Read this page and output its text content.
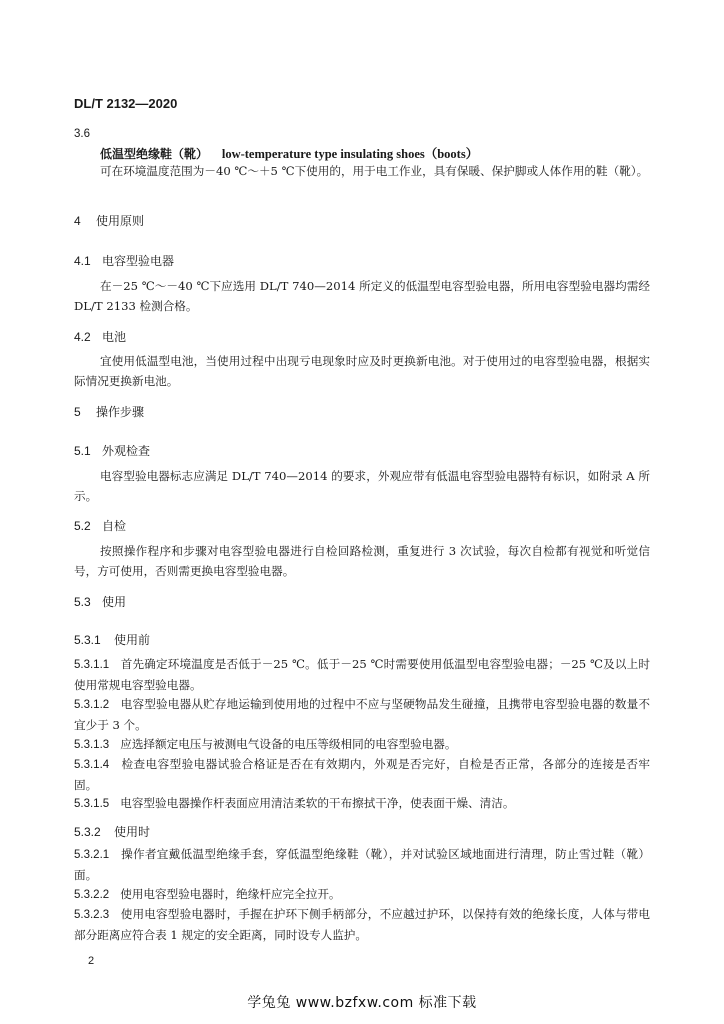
DL/T 2132—2020
3.6
低温型绝缘鞋（靴） low-temperature type insulating shoes（boots）
可在环境温度范围为－40 ℃～＋5 ℃下使用的，用于电工作业，具有保暖、保护脚或人体作用的鞋（靴）。
4 使用原则
4.1 电容型验电器
在－25 ℃～－40 ℃下应选用 DL/T 740—2014 所定义的低温型电容型验电器，所用电容型验电器均需经 DL/T 2133 检测合格。
4.2 电池
宜使用低温型电池，当使用过程中出现亏电现象时应及时更换新电池。对于使用过的电容型验电器，根据实际情况更换新电池。
5 操作步骤
5.1 外观检查
电容型验电器标志应满足 DL/T 740—2014 的要求，外观应带有低温电容型验电器特有标识，如附录 A 所示。
5.2 自检
按照操作程序和步骤对电容型验电器进行自检回路检测，重复进行 3 次试验，每次自检都有视觉和听觉信号，方可使用，否则需更换电容型验电器。
5.3 使用
5.3.1 使用前
5.3.1.1 首先确定环境温度是否低于－25 ℃。低于－25 ℃时需要使用低温型电容型验电器；－25 ℃及以上时使用常规电容型验电器。
5.3.1.2 电容型验电器从贮存地运输到使用地的过程中不应与坚硬物品发生碰撞，且携带电容型验电器的数量不宜少于 3 个。
5.3.1.3 应选择额定电压与被测电气设备的电压等级相同的电容型验电器。
5.3.1.4 检查电容型验电器试验合格证是否在有效期内，外观是否完好，自检是否正常，各部分的连接是否牢固。
5.3.1.5 电容型验电器操作杆表面应用清洁柔软的干布擦拭干净，使表面干燥、清洁。
5.3.2 使用时
5.3.2.1 操作者宜戴低温型绝缘手套，穿低温型绝缘鞋（靴），并对试验区域地面进行清理，防止雪过鞋（靴）面。
5.3.2.2 使用电容型验电器时，绝缘杆应完全拉开。
5.3.2.3 使用电容型验电器时，手握在护环下侧手柄部分，不应越过护环，以保持有效的绝缘长度，人体与带电部分距离应符合表 1 规定的安全距离，同时设专人监护。
2
学兔兔 www.bzfxw.com 标准下载
